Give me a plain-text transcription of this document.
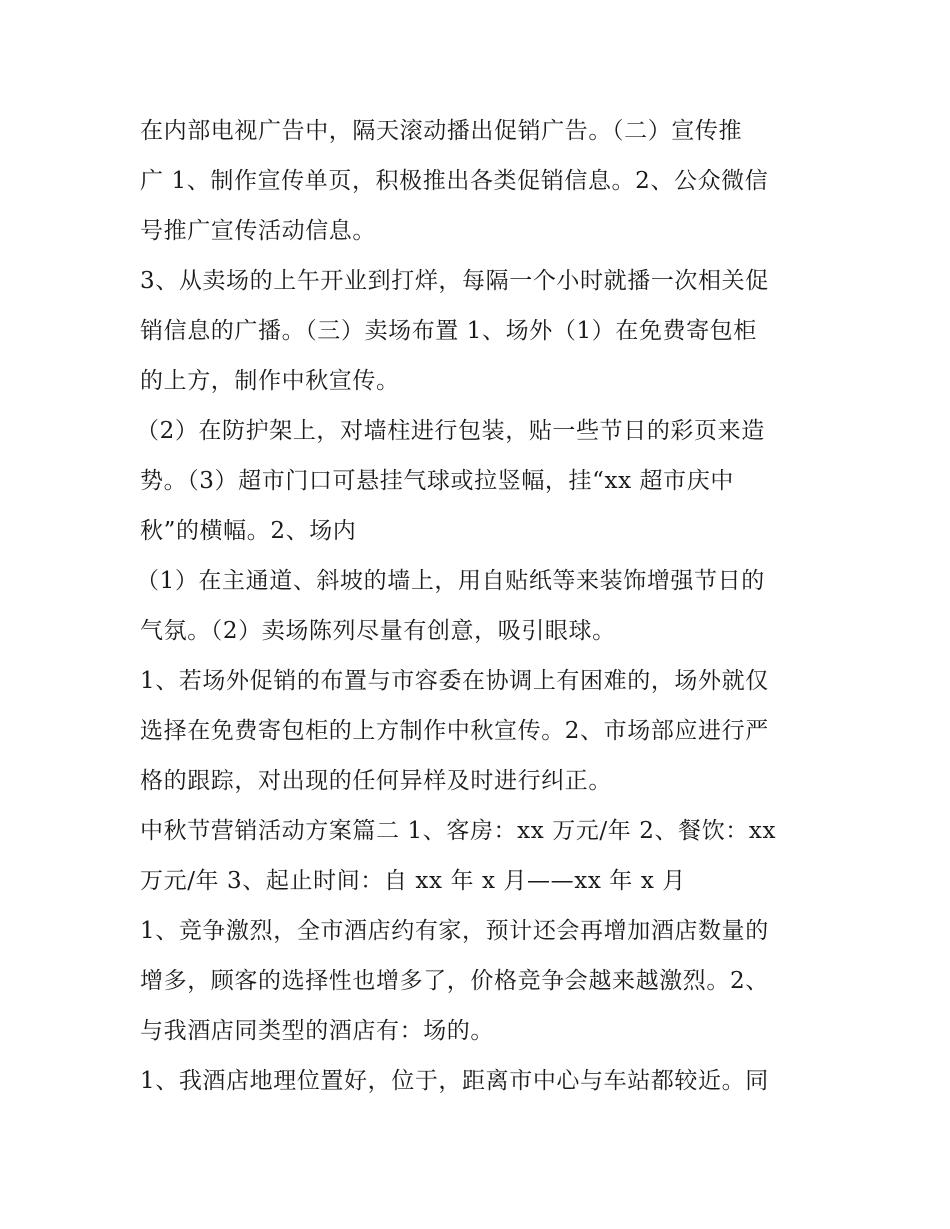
在内部电视广告中，隔天滚动播出促销广告。（二）宣传推
广 1、制作宣传单页，积极推出各类促销信息。2、公众微信
号推广宣传活动信息。

3、从卖场的上午开业到打烊，每隔一个小时就播一次相关促
销信息的广播。（三）卖场布置 1、场外（1）在免费寄包柜
的上方，制作中秋宣传。

（2）在防护架上，对墙柱进行包装，贴一些节日的彩页来造
势。（3）超市门口可悬挂气球或拉竖幅，挂“xx 超市庆中
秋”的横幅。2、场内

（1）在主通道、斜坡的墙上，用自贴纸等来装饰增强节日的
气氛。（2）卖场陈列尽量有创意，吸引眼球。

1、若场外促销的布置与市容委在协调上有困难的，场外就仅
选择在免费寄包柜的上方制作中秋宣传。2、市场部应进行严
格的跟踪，对出现的任何异样及时进行纠正。

中秋节营销活动方案篇二 1、客房：xx 万元/年 2、餐饮：xx
万元/年 3、起止时间：自 xx 年 x 月——xx 年 x 月

1、竞争激烈，全市酒店约有家，预计还会再增加酒店数量的
增多，顾客的选择性也增多了，价格竞争会越来越激烈。2、
与我酒店同类型的酒店有：场的。

1、我酒店地理位置好，位于，距离市中心与车站都较近。同
